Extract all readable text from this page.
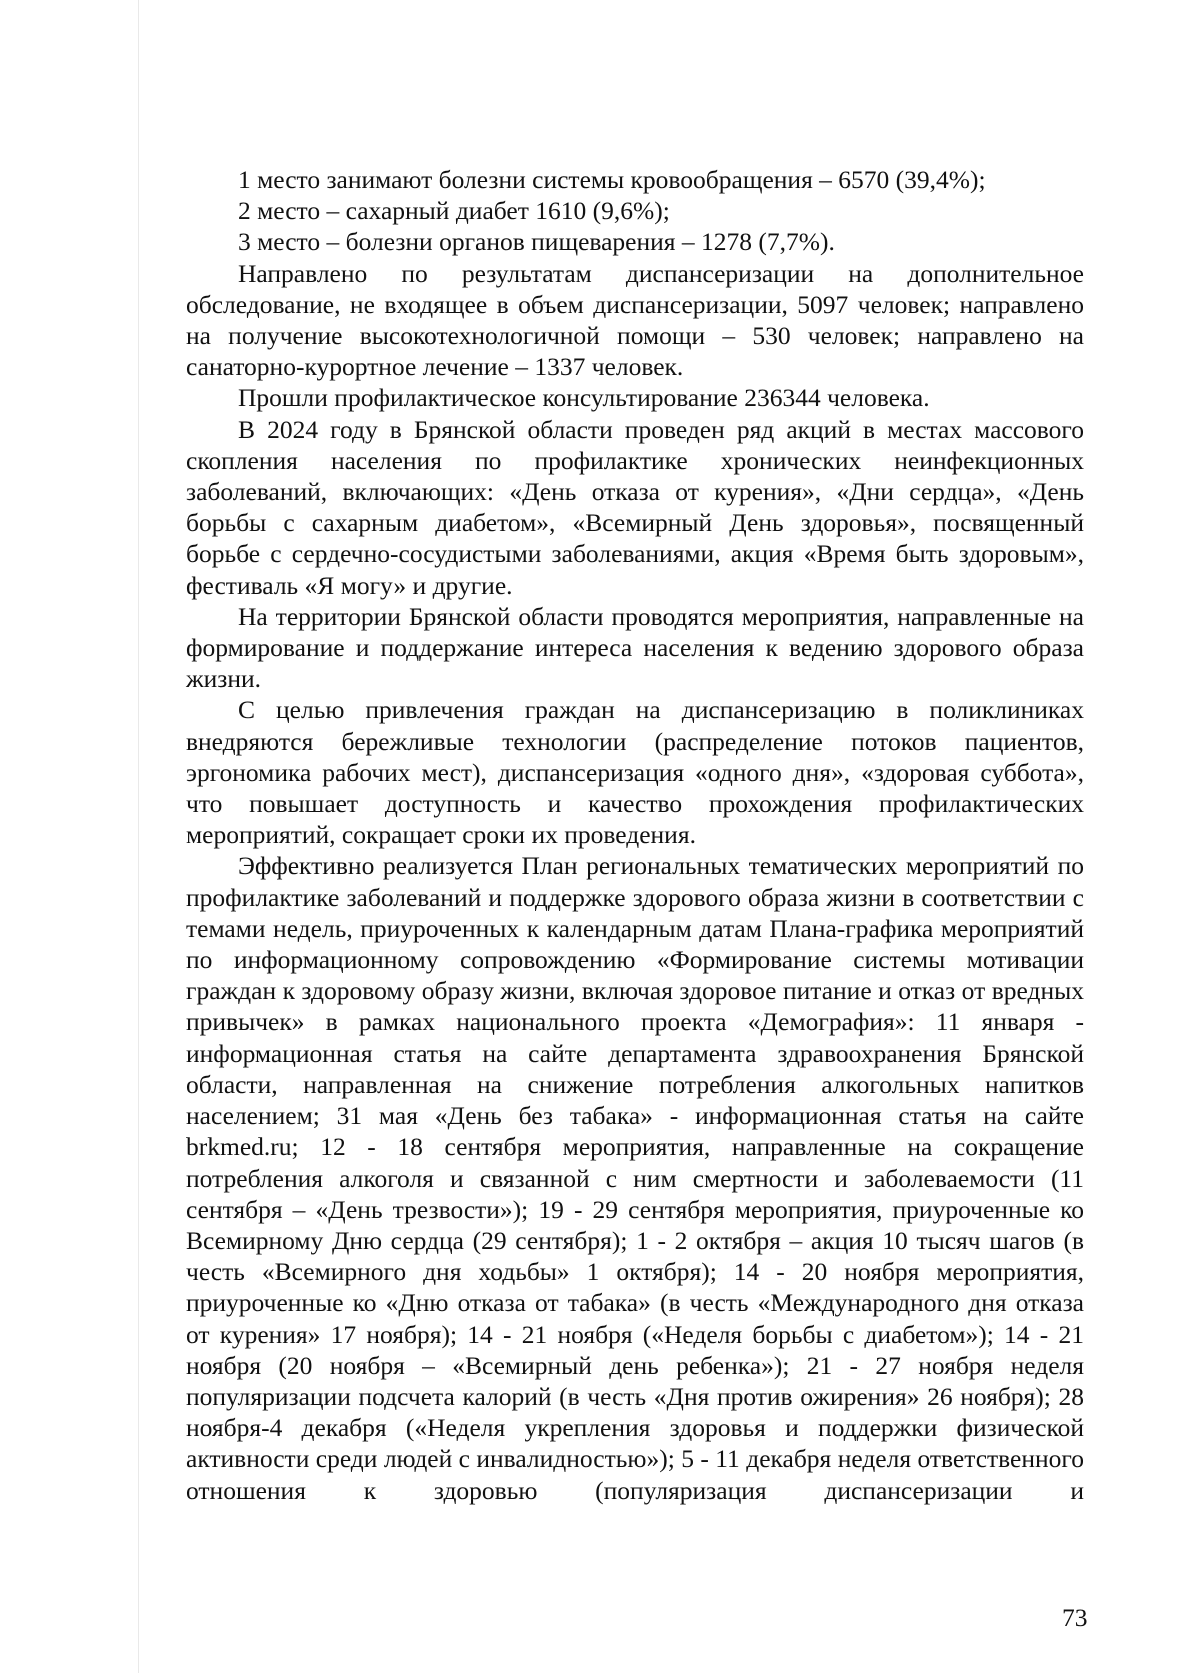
1 место занимают болезни системы кровообращения – 6570 (39,4%);

2 место – сахарный диабет 1610 (9,6%);

3 место – болезни органов пищеварения – 1278 (7,7%).

Направлено по результатам диспансеризации на дополнительное обследование, не входящее в объем диспансеризации, 5097 человек; направлено на получение высокотехнологичной помощи – 530 человек; направлено на санаторно-курортное лечение – 1337 человек.

Прошли профилактическое консультирование 236344 человека.

В 2024 году в Брянской области проведен ряд акций в местах массового скопления населения по профилактике хронических неинфекционных заболеваний, включающих: «День отказа от курения», «Дни сердца», «День борьбы с сахарным диабетом», «Всемирный День здоровья», посвященный борьбе с сердечно-сосудистыми заболеваниями, акция «Время быть здоровым», фестиваль «Я могу» и другие.

На территории Брянской области проводятся мероприятия, направленные на формирование и поддержание интереса населения к ведению здорового образа жизни.

С целью привлечения граждан на диспансеризацию в поликлиниках внедряются бережливые технологии (распределение потоков пациентов, эргономика рабочих мест), диспансеризация «одного дня», «здоровая суббота», что повышает доступность и качество прохождения профилактических мероприятий, сокращает сроки их проведения.

Эффективно реализуется План региональных тематических мероприятий по профилактике заболеваний и поддержке здорового образа жизни в соответствии с темами недель, приуроченных к календарным датам Плана-графика мероприятий по информационному сопровождению «Формирование системы мотивации граждан к здоровому образу жизни, включая здоровое питание и отказ от вредных привычек» в рамках национального проекта «Демография»: 11 января - информационная статья на сайте департамента здравоохранения Брянской области, направленная на снижение потребления алкогольных напитков населением; 31 мая «День без табака» - информационная статья на сайте brkmed.ru; 12 - 18 сентября мероприятия, направленные на сокращение потребления алкоголя и связанной с ним смертности и заболеваемости (11 сентября – «День трезвости»); 19 - 29 сентября мероприятия, приуроченные ко Всемирному Дню сердца (29 сентября); 1 - 2 октября – акция 10 тысяч шагов (в честь «Всемирного дня ходьбы» 1 октября); 14 - 20 ноября мероприятия, приуроченные ко «Дню отказа от табака» (в честь «Международного дня отказа от курения» 17 ноября); 14 - 21 ноября («Неделя борьбы с диабетом»); 14 - 21 ноября (20 ноября – «Всемирный день ребенка»); 21 - 27 ноября неделя популяризации подсчета калорий (в честь «Дня против ожирения» 26 ноября); 28 ноября-4 декабря («Неделя укрепления здоровья и поддержки физической активности среди людей с инвалидностью»); 5 - 11 декабря неделя ответственного отношения к здоровью (популяризация диспансеризации и

73
